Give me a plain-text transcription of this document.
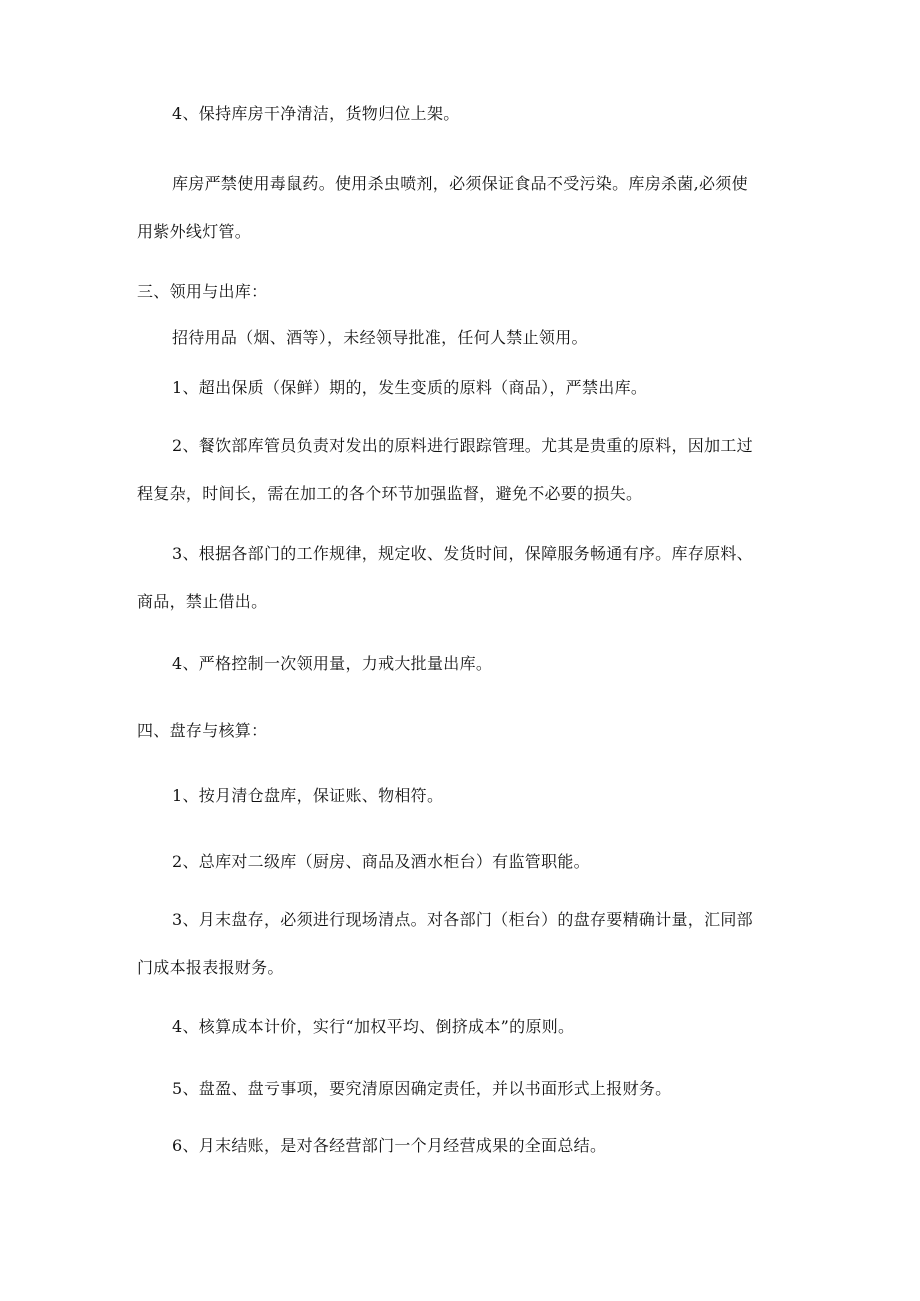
4、保持库房干净清洁，货物归位上架。

库房严禁使用毒鼠药。使用杀虫喷剂，必须保证食品不受污染。库房杀菌,必须使

用紫外线灯管。

三、领用与出库：

招待用品（烟、酒等），未经领导批准，任何人禁止领用。

1、超出保质（保鲜）期的，发生变质的原料（商品），严禁出库。

2、餐饮部库管员负责对发出的原料进行跟踪管理。尤其是贵重的原料，因加工过

程复杂，时间长，需在加工的各个环节加强监督，避免不必要的损失。

3、根据各部门的工作规律，规定收、发货时间，保障服务畅通有序。库存原料、

商品，禁止借出。

4、严格控制一次领用量，力戒大批量出库。

四、盘存与核算：

1、按月清仓盘库，保证账、物相符。

2、总库对二级库（厨房、商品及酒水柜台）有监管职能。

3、月末盘存，必须进行现场清点。对各部门（柜台）的盘存要精确计量，汇同部

门成本报表报财务。

4、核算成本计价，实行“加权平均、倒挤成本”的原则。

5、盘盈、盘亏事项，要究清原因确定责任，并以书面形式上报财务。

6、月末结账，是对各经营部门一个月经营成果的全面总结。
